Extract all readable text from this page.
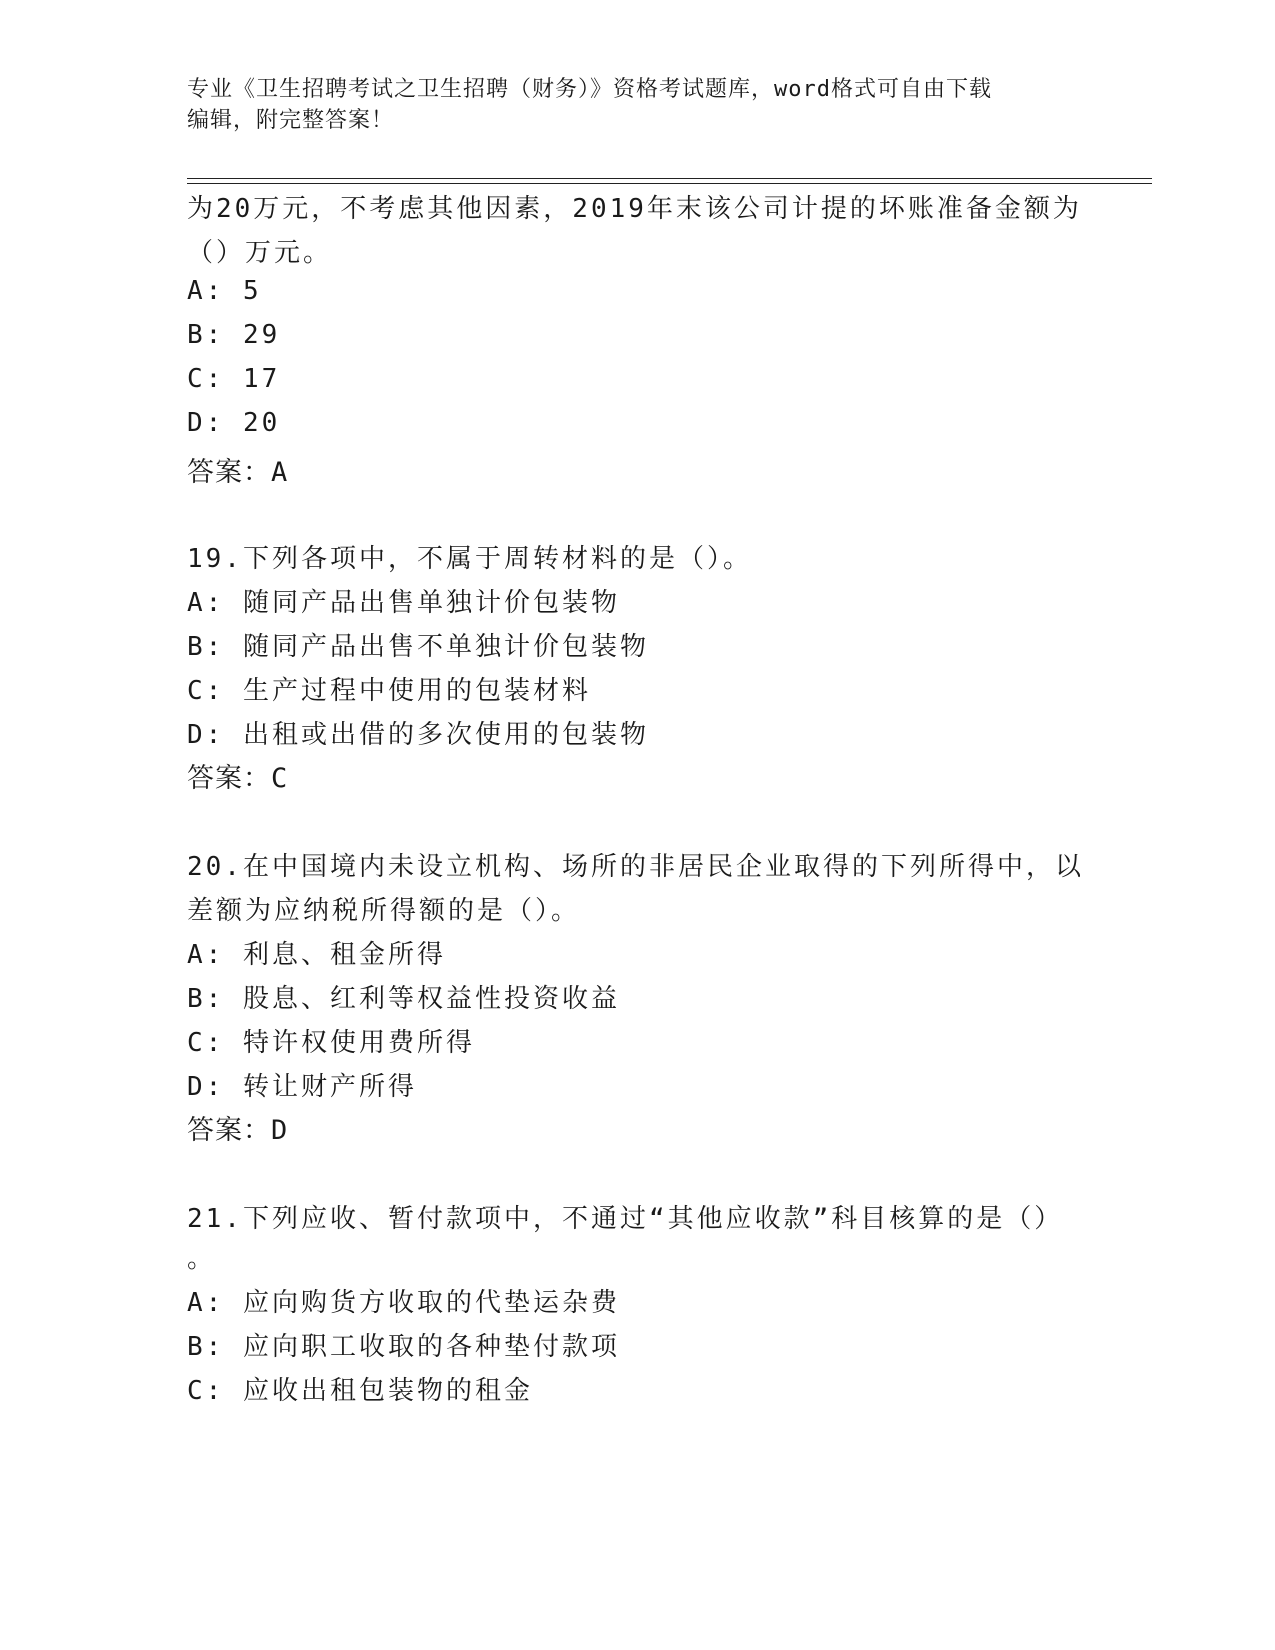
专业《卫生招聘考试之卫生招聘（财务）》资格考试题库，word格式可自由下载
编辑，附完整答案！
为20万元，不考虑其他因素，2019年末该公司计提的坏账准备金额为
（）万元。
A: 5
B: 29
C: 17
D: 20
答案：A
19.下列各项中，不属于周转材料的是（）。
A: 随同产品出售单独计价包装物
B: 随同产品出售不单独计价包装物
C: 生产过程中使用的包装材料
D: 出租或出借的多次使用的包装物
答案：C
20.在中国境内未设立机构、场所的非居民企业取得的下列所得中，以
差额为应纳税所得额的是（）。
A: 利息、租金所得
B: 股息、红利等权益性投资收益
C: 特许权使用费所得
D: 转让财产所得
答案：D
21.下列应收、暂付款项中，不通过“其他应收款”科目核算的是（）
。
A: 应向购货方收取的代垫运杂费
B: 应向职工收取的各种垫付款项
C: 应收出租包装物的租金
